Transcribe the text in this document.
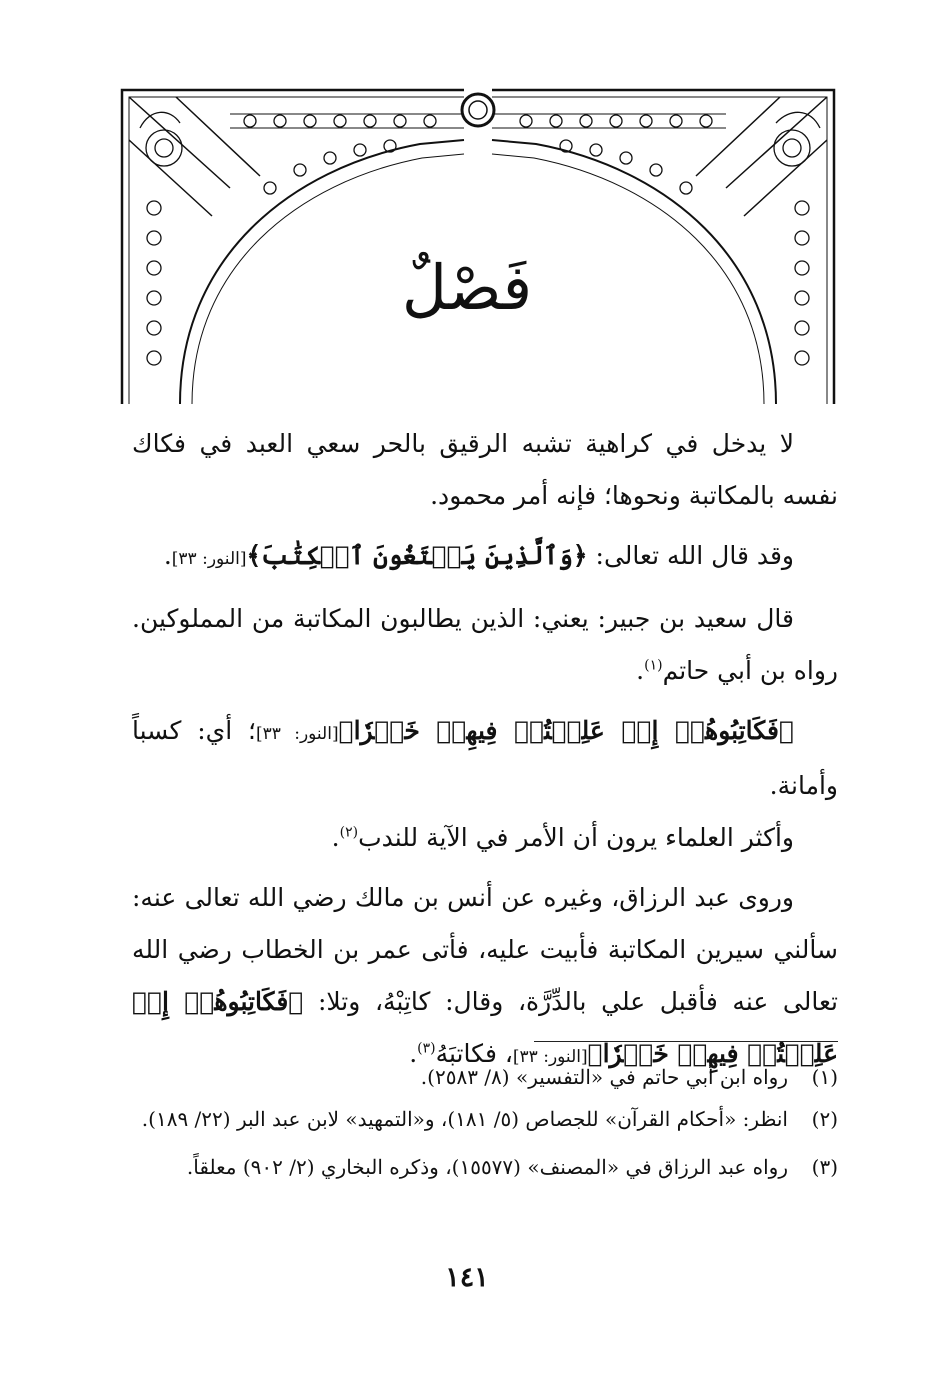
فَصْلٌ

لا يدخل في كراهية تشبه الرقيق بالحر سعي العبد في فكاك نفسه بالمكاتبة ونحوها؛ فإنه أمر محمود.

وقد قال الله تعالى: ﴿وَٱلَّذِينَ يَبۡتَغُونَ ٱلۡكِتَٰبَ﴾[النور: ٣٣].

قال سعيد بن جبير: يعني: الذين يطالبون المكاتبة من المملوكين. رواه بن أبي حاتم$^{(١)}$.

﴿فَكَاتِبُوهُمۡ إِنۡ عَلِمۡتُمۡ فِيهِمۡ خَيۡرٗا﴾[النور: ٣٣]؛ أي: كسباً وأمانة.

وأكثر العلماء يرون أن الأمر في الآية للندب$^{(٢)}$.

وروى عبد الرزاق، وغيره عن أنس بن مالك رضي الله تعالى عنه: سألني سيرين المكاتبة فأبيت عليه، فأتى عمر بن الخطاب رضي الله تعالى عنه فأقبل علي بالدِّرَّة، وقال: كاتِبْهُ، وتلا: ﴿فَكَاتِبُوهُمۡ إِنۡ عَلِمۡتُمۡ فِيهِمۡ خَيۡرٗا﴾[النور: ٣٣]، فكاتبَهُ$^{(٣)}$.

(١)
رواه ابن أبي حاتم في «التفسير» (٨/ ٢٥٨٣).

(٢)
انظر: «أحكام القرآن» للجصاص (٥/ ١٨١)، و«التمهيد» لابن عبد البر (٢٢/ ١٨٩).

(٣)
رواه عبد الرزاق في «المصنف» (١٥٥٧٧)، وذكره البخاري (٢/ ٩٠٢) معلقاً.

١٤١
